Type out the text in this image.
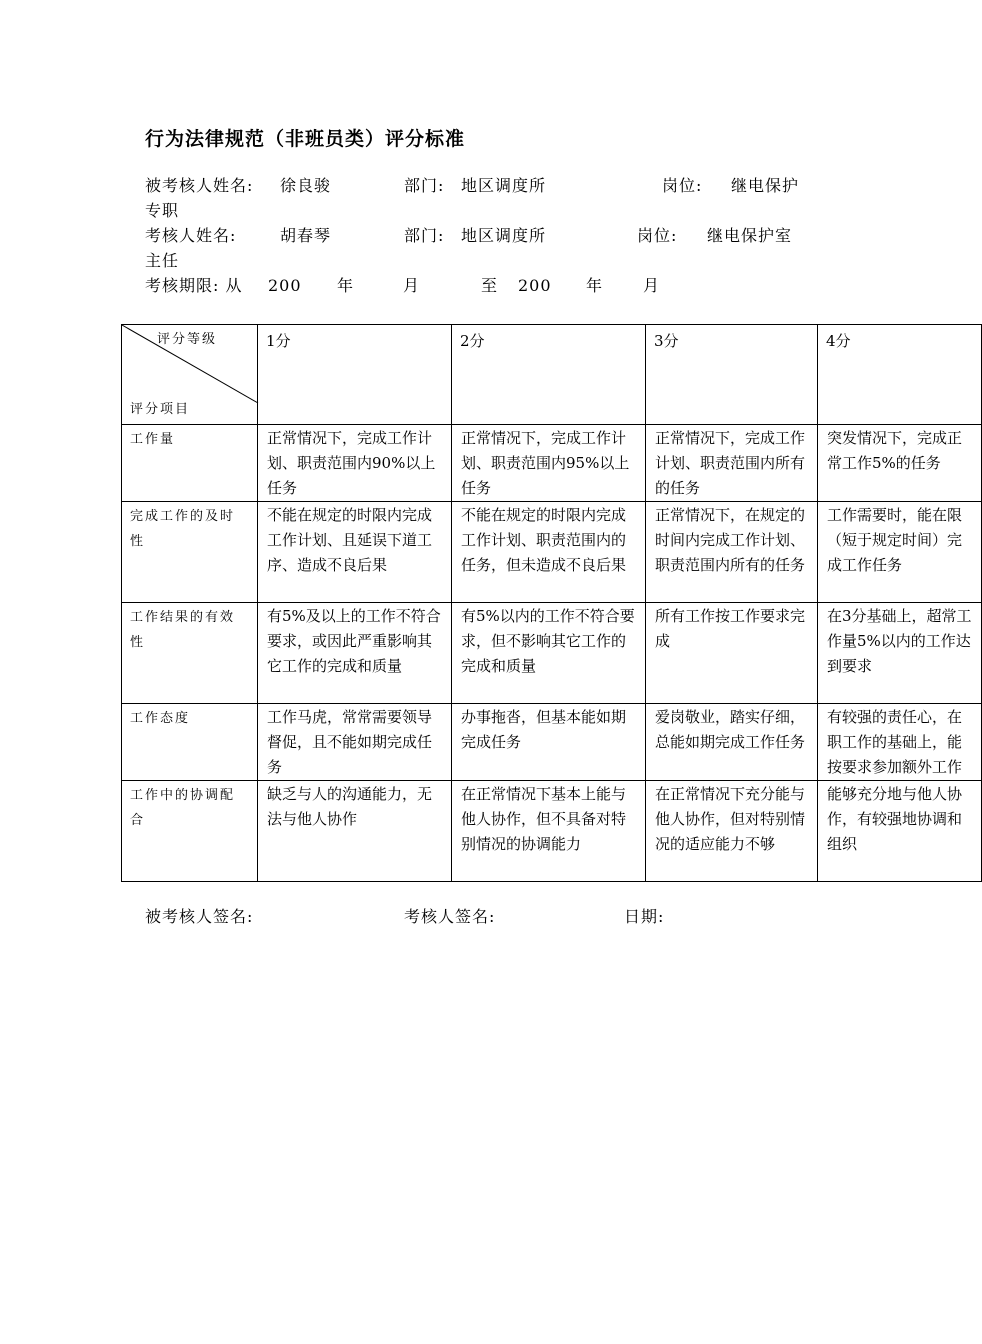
行为法律规范（非班员类）评分标准
被考核人姓名: 徐良骏	部门: 地区调度所	岗位: 继电保护
专职
考核人姓名:	胡春琴	部门: 地区调度所	岗位: 继电保护室
主任
考核期限: 从 200 年	月	至 200 年 月
评分等级
评分项目	1分	2分	3分	4分
工作量	正常情况下，完成工作计划、职责范围内90%以上任务	正常情况下，完成工作计划、职责范围内95%以上任务	正常情况下，完成工作计划、职责范围内所有的任务	突发情况下，完成正常工作5%的任务
完成工作的及时性	不能在规定的时限内完成工作计划、且延误下道工序、造成不良后果	不能在规定的时限内完成工作计划、职责范围内的任务，但未造成不良后果	正常情况下，在规定的时间内完成工作计划、职责范围内所有的任务	工作需要时，能在限（短于规定时间）完成工作任务
工作结果的有效性	有5%及以上的工作不符合要求，或因此严重影响其它工作的完成和质量	有5%以内的工作不符合要求，但不影响其它工作的完成和质量	所有工作按工作要求完成	在3分基础上，超常工作量5%以内的工作达到要求
工作态度	工作马虎，常常需要领导督促，且不能如期完成任务	办事拖沓，但基本能如期完成任务	爱岗敬业，踏实仔细，总能如期完成工作任务	有较强的责任心，在职工作的基础上，能按要求参加额外工作
工作中的协调配合	缺乏与人的沟通能力，无法与他人协作	在正常情况下基本上能与他人协作，但不具备对特别情况的协调能力	在正常情况下充分能与他人协作，但对特别情况的适应能力不够	能够充分地与他人协作，有较强地协调和组织
被考核人签名:	考核人签名:	日期:
